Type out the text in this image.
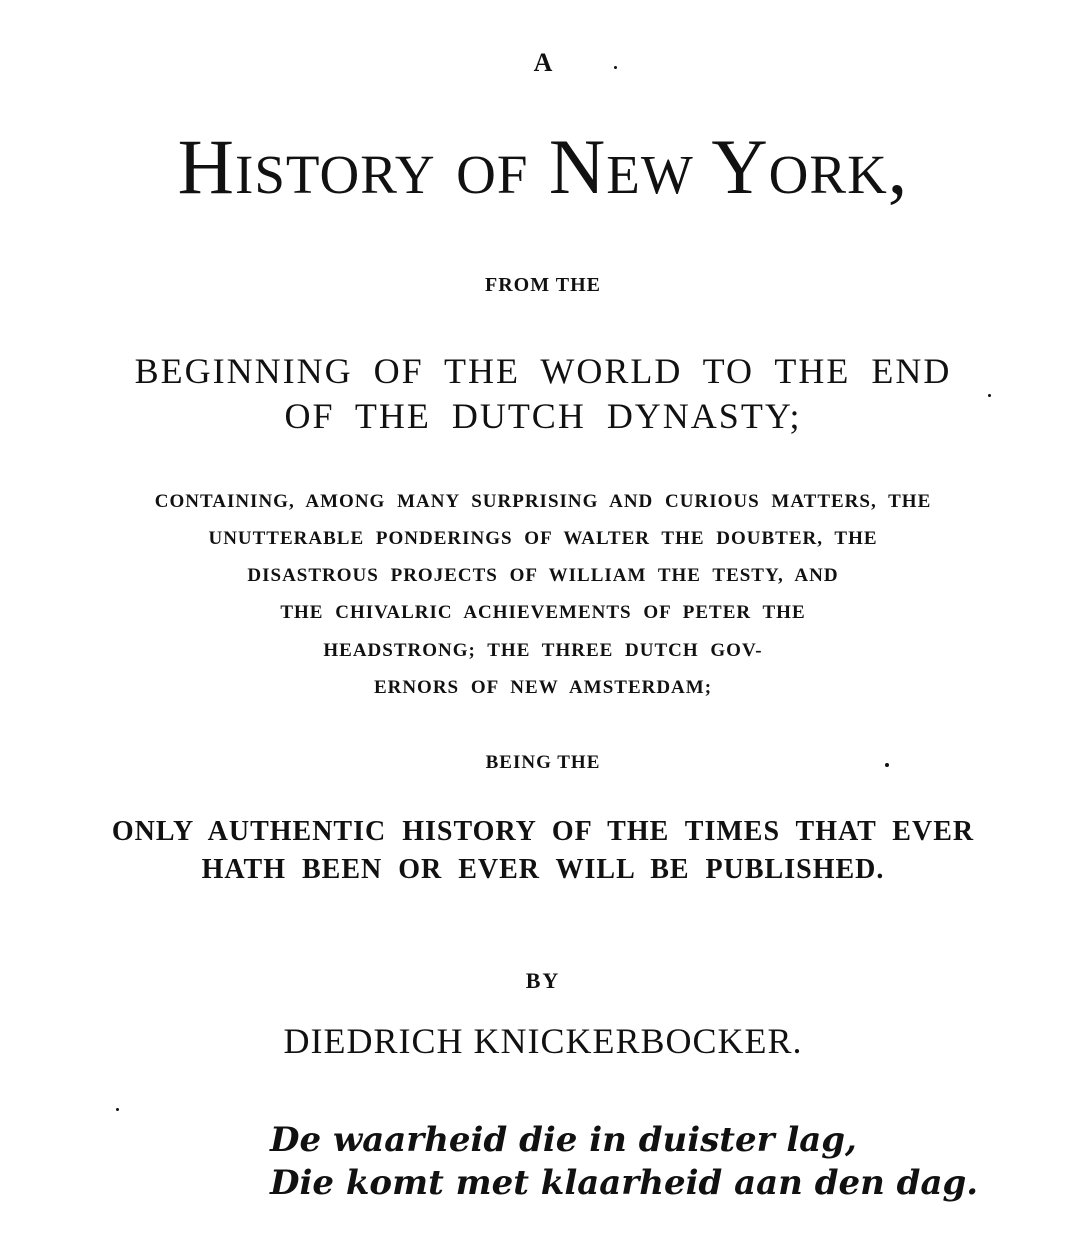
A
History of New York,
FROM THE
BEGINNING OF THE WORLD TO THE END
OF THE DUTCH DYNASTY;
CONTAINING, AMONG MANY SURPRISING AND CURIOUS MATTERS, THE
UNUTTERABLE PONDERINGS OF WALTER THE DOUBTER, THE
DISASTROUS PROJECTS OF WILLIAM THE TESTY, AND
THE CHIVALRIC ACHIEVEMENTS OF PETER THE
HEADSTRONG; THE THREE DUTCH GOV-
ERNORS OF NEW AMSTERDAM;
BEING THE
ONLY AUTHENTIC HISTORY OF THE TIMES THAT EVER
HATH BEEN OR EVER WILL BE PUBLISHED.
BY
DIEDRICH KNICKERBOCKER.
De waarheid die in duister lag,
Die komt met klaarheid aan den dag.
